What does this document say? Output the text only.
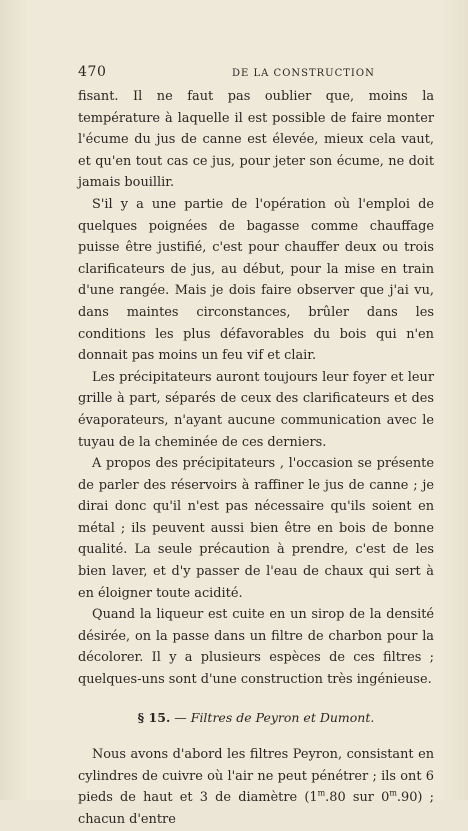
470	DE LA CONSTRUCTION

fisant. Il ne faut pas oublier que, moins la température à laquelle il est possible de faire monter l'écume du jus de canne est élevée, mieux cela vaut, et qu'en tout cas ce jus, pour jeter son écume, ne doit jamais bouillir.

S'il y a une partie de l'opération où l'emploi de quelques poignées de bagasse comme chauffage puisse être justifié, c'est pour chauffer deux ou trois clarificateurs de jus, au début, pour la mise en train d'une rangée. Mais je dois faire observer que j'ai vu, dans maintes circonstances, brûler dans les conditions les plus défavorables du bois qui n'en donnait pas moins un feu vif et clair.

Les précipitateurs auront toujours leur foyer et leur grille à part, séparés de ceux des clarificateurs et des évaporateurs, n'ayant aucune communication avec le tuyau de la cheminée de ces derniers.

A propos des précipitateurs , l'occasion se présente de parler des réservoirs à raffiner le jus de canne ; je dirai donc qu'il n'est pas nécessaire qu'ils soient en métal ; ils peuvent aussi bien être en bois de bonne qualité. La seule précaution à prendre, c'est de les bien laver, et d'y passer de l'eau de chaux qui sert à en éloigner toute acidité.

Quand la liqueur est cuite en un sirop de la densité désirée, on la passe dans un filtre de charbon pour la décolorer. Il y a plusieurs espèces de ces filtres ; quelques-uns sont d'une construction très ingénieuse.

§ 15. — Filtres de Peyron et Dumont.

Nous avons d'abord les filtres Peyron, consistant en cylindres de cuivre où l'air ne peut pénétrer ; ils ont 6 pieds de haut et 3 de diamètre (1$^m$.80 sur 0$^m$.90) ; chacun d'entre
